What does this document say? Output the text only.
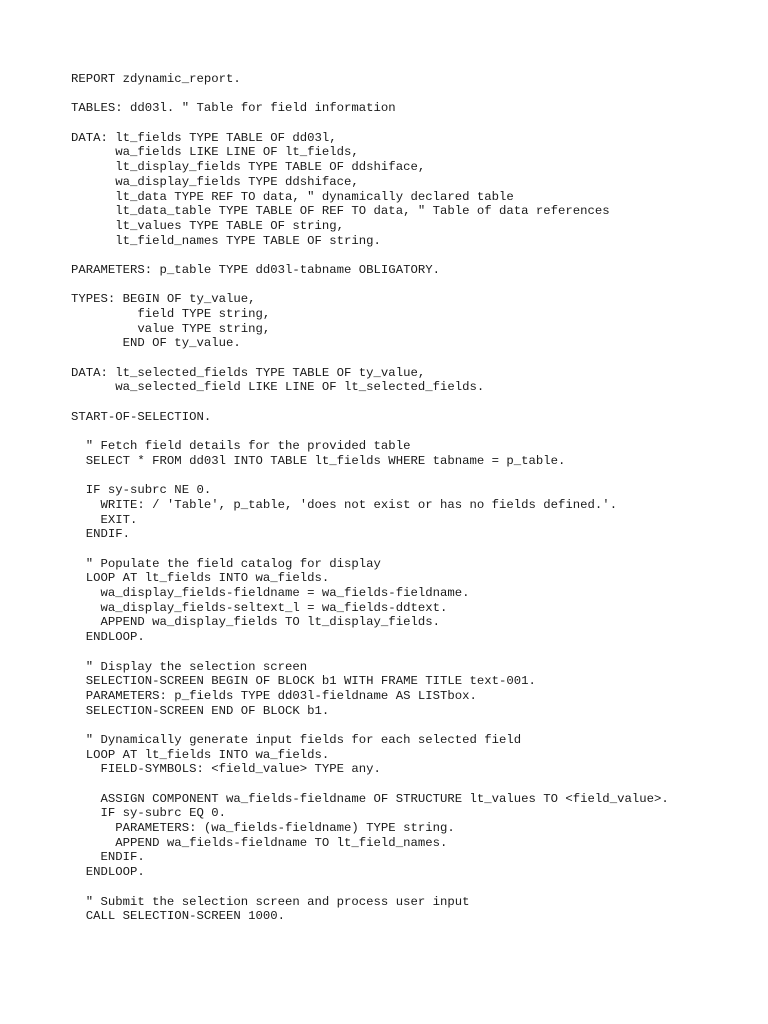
REPORT zdynamic_report.
TABLES: dd03l. " Table for field information
DATA: lt_fields TYPE TABLE OF dd03l,
wa_fields LIKE LINE OF lt_fields,
lt_display_fields TYPE TABLE OF ddshiface,
wa_display_fields TYPE ddshiface,
lt_data TYPE REF TO data, " dynamically declared table
lt_data_table TYPE TABLE OF REF TO data, " Table of data references
lt_values TYPE TABLE OF string,
lt_field_names TYPE TABLE OF string.
PARAMETERS: p_table TYPE dd03l-tabname OBLIGATORY.
TYPES: BEGIN OF ty_value,
field TYPE string,
value TYPE string,
END OF ty_value.
DATA: lt_selected_fields TYPE TABLE OF ty_value,
wa_selected_field LIKE LINE OF lt_selected_fields.
START-OF-SELECTION.
" Fetch field details for the provided table
SELECT * FROM dd03l INTO TABLE lt_fields WHERE tabname = p_table.
IF sy-subrc NE 0.
WRITE: / 'Table', p_table, 'does not exist or has no fields defined.'.
EXIT.
ENDIF.
" Populate the field catalog for display
LOOP AT lt_fields INTO wa_fields.
wa_display_fields-fieldname = wa_fields-fieldname.
wa_display_fields-seltext_l = wa_fields-ddtext.
APPEND wa_display_fields TO lt_display_fields.
ENDLOOP.
" Display the selection screen
SELECTION-SCREEN BEGIN OF BLOCK b1 WITH FRAME TITLE text-001.
PARAMETERS: p_fields TYPE dd03l-fieldname AS LISTbox.
SELECTION-SCREEN END OF BLOCK b1.
" Dynamically generate input fields for each selected field
LOOP AT lt_fields INTO wa_fields.
FIELD-SYMBOLS: <field_value> TYPE any.
ASSIGN COMPONENT wa_fields-fieldname OF STRUCTURE lt_values TO <field_value>.
IF sy-subrc EQ 0.
PARAMETERS: (wa_fields-fieldname) TYPE string.
APPEND wa_fields-fieldname TO lt_field_names.
ENDIF.
ENDLOOP.
" Submit the selection screen and process user input
CALL SELECTION-SCREEN 1000.
